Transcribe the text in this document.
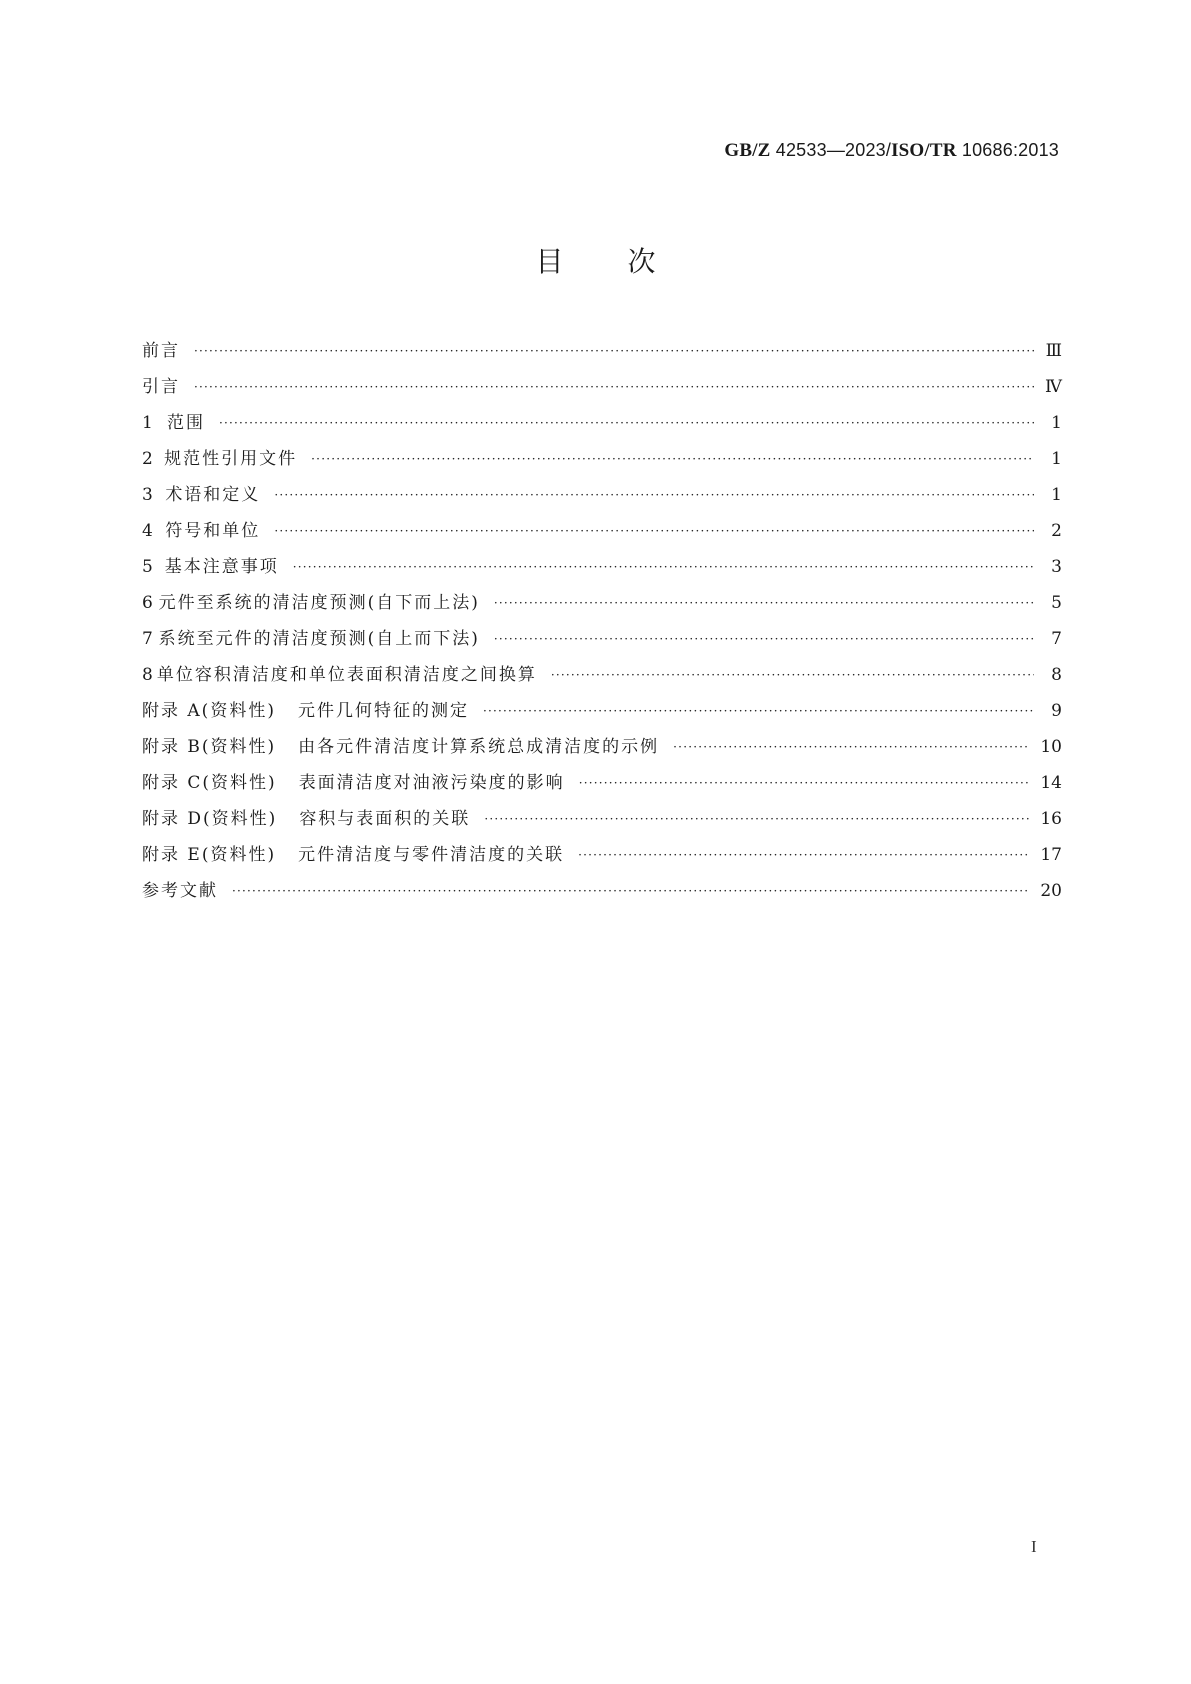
GB/Z 42533—2023/ISO/TR 10686:2013
目次
前言 ·····	Ⅲ
引言 ·····	Ⅳ
1 范围 ·····	1
2 规范性引用文件 ·····	1
3 术语和定义 ·····	1
4 符号和单位 ·····	2
5 基本注意事项 ·····	3
6 元件至系统的清洁度预测(自下而上法) ·····	5
7 系统至元件的清洁度预测(自上而下法) ·····	7
8 单位容积清洁度和单位表面积清洁度之间换算 ·····	8
附录 A(资料性) 元件几何特征的测定 ·····	9
附录 B(资料性) 由各元件清洁度计算系统总成清洁度的示例 ·····	10
附录 C(资料性) 表面清洁度对油液污染度的影响 ·····	14
附录 D(资料性) 容积与表面积的关联 ·····	16
附录 E(资料性) 元件清洁度与零件清洁度的关联 ·····	17
参考文献 ·····	20
I
